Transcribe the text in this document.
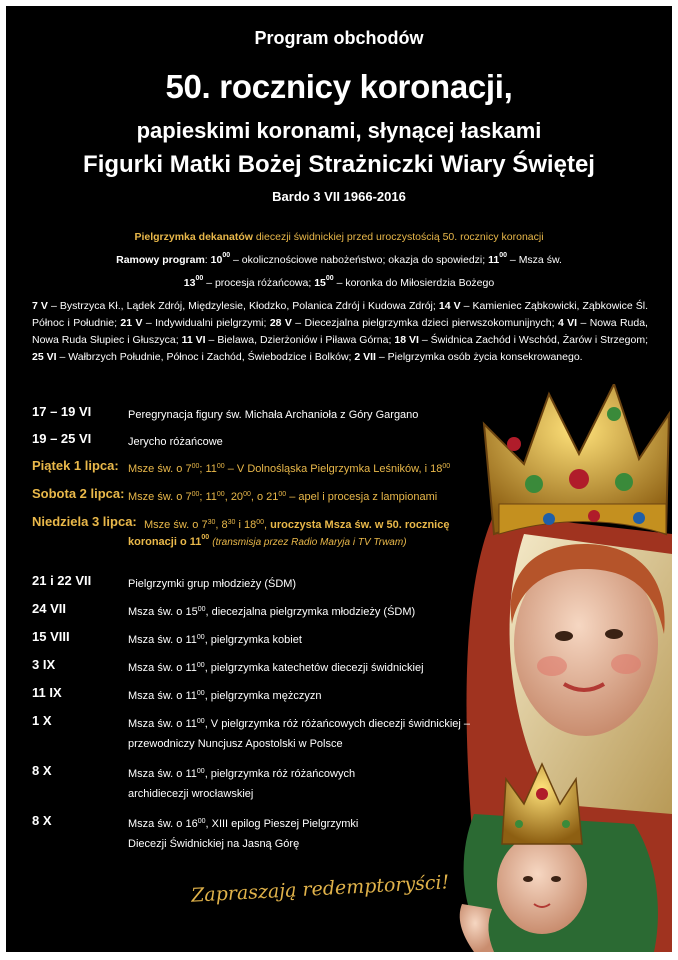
Program obchodów
50. rocznicy koronacji,
papieskimi koronami, słynącej łaskami
Figurki Matki Bożej Strażniczki Wiary Świętej
Bardo 3 VII 1966-2016
Pielgrzymka dekanatów diecezji świdnickiej przed uroczystością 50. rocznicy koronacji
Ramowy program: $10^{00}$ – okolicznościowe nabożeństwo; okazja do spowiedzi; $11^{00}$ – Msza św.
$13^{00}$ – procesja różańcowa; $15^{00}$ – koronka do Miłosierdzia Bożego
7 V – Bystrzyca Kł., Lądek Zdrój, Międzylesie, Kłodzko, Polanica Zdrój i Kudowa Zdrój; 14 V – Kamieniec Ząbkowicki, Ząbkowice Śl. Północ i Południe; 21 V – Indywidualni pielgrzymi; 28 V – Diecezjalna pielgrzymka dzieci pierwszokomunijnych; 4 VI – Nowa Ruda, Nowa Ruda Słupiec i Głuszyca; 11 VI – Bielawa, Dzierżoniów i Piława Górna; 18 VI – Świdnica Zachód i Wschód, Żarów i Strzegom; 25 VI – Wałbrzych Południe, Północ i Zachód, Świebodzice i Bolków; 2 VII – Pielgrzymka osób życia konsekrowanego.
17 – 19 VI	Peregrynacja figury św. Michała Archanioła z Góry Gargano
19 – 25 VI	Jerycho różańcowe
Piątek 1 lipca: Msze św. o $7^{00}$; $11^{00}$ – V Dolnośląska Pielgrzymka Leśników, i $18^{00}$
Sobota 2 lipca: Msze św. o $7^{00}$; $11^{00}$, $20^{00}$, o $21^{00}$ – apel i procesja z lampionami
Niedziela 3 lipca: Msze św. o $7^{30}$, $8^{30}$ i $18^{00}$, uroczysta Msza św. w 50. rocznicę
koronacji o $11^{00}$ (transmisja przez Radio Maryja i TV Trwam)
21 i 22 VII	Pielgrzymki grup młodzieży (ŚDM)
24 VII	Msza św. o $15^{00}$, diecezjalna pielgrzymka młodzieży (ŚDM)
15 VIII	Msza św. o $11^{00}$, pielgrzymka kobiet
3 IX	Msza św. o $11^{00}$, pielgrzymka katechetów diecezji świdnickiej
11 IX	Msza św. o $11^{00}$, pielgrzymka mężczyzn
1 X	Msza św. o $11^{00}$, V pielgrzymka róż różańcowych diecezji świdnickiej –
przewodniczy Nuncjusz Apostolski w Polsce
8 X	Msza św. o $11^{00}$, pielgrzymka róż różańcowych
archidiecezji wrocławskiej
8 X	Msza św. o $16^{00}$, XIII epilog Pieszej Pielgrzymki
Diecezji Świdnickiej na Jasną Górę
Zapraszają redemptoryści!
